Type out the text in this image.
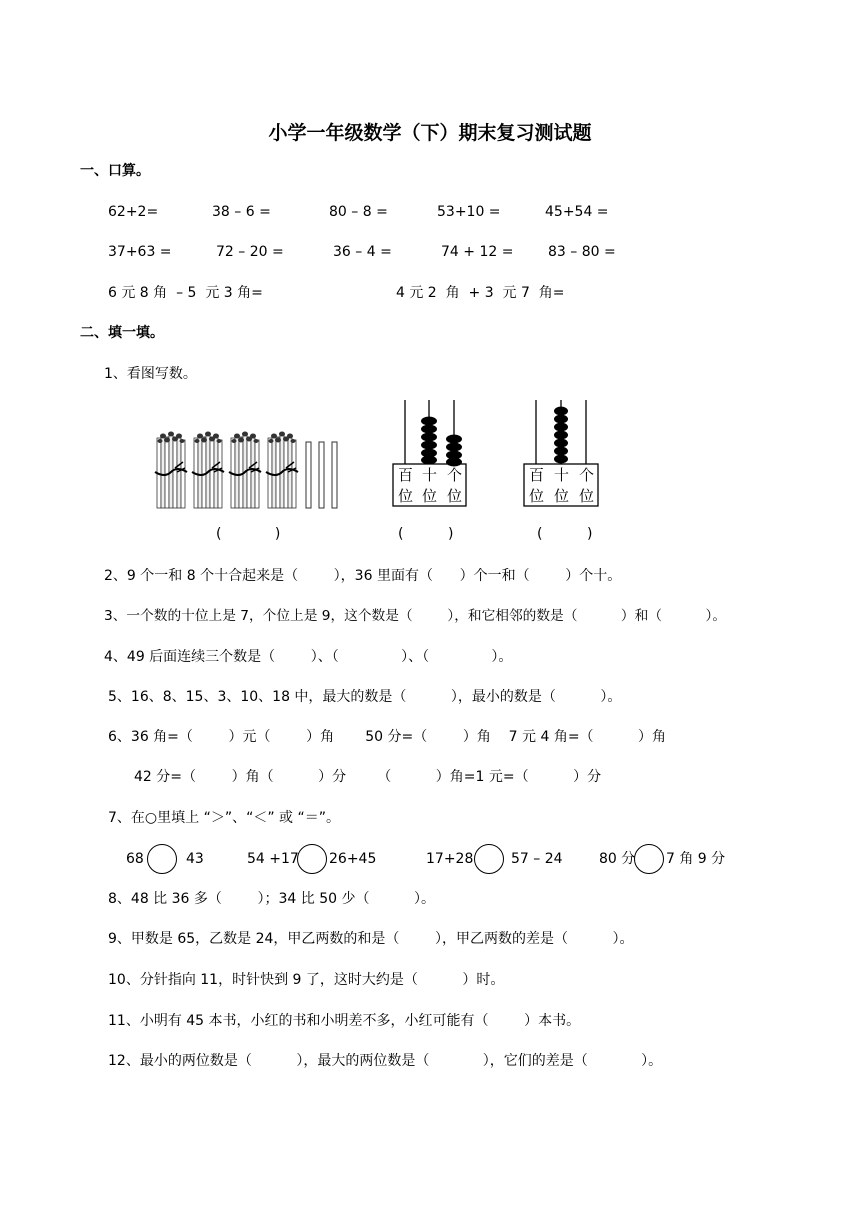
小学一年级数学（下）期末复习测试题
一、口算。
62+2=	38 – 6 =	80 – 8 =	53+10 =	45+54 =
37+63 =	72 – 20 =	36 – 4 =	74 + 12 = 83 – 80 =
6 元 8 角  – 5  元 3 角=	4 元 2  角  + 3  元 7  角=
二、填一填。
1、看图写数。
百 十 个
位 位 位
百 十 个
位 位 位
(            )	(          )	(          )
2、9 个一和 8 个十合起来是（        ），36 里面有（      ）个一和（        ）个十。
3、一个数的十位上是 7，个位上是 9，这个数是（        ），和它相邻的数是（          ）和（          ）。
4、49 后面连续三个数是（        ）、（              ）、（              ）。
5、16、8、15、3、10、18 中，最大的数是（          ），最小的数是（          ）。
6、36 角=（        ）元（        ）角       50 分=（        ）角    7 元 4 角=（          ）角
42 分=（        ）角（          ）分       （          ）角=1 元=（          ）分
7、在○里填上 “＞”、“＜” 或 “＝”。
68	43	54 +17 26+45	17+28	57 – 24	80 分 7 角 9 分
8、48 比 36 多（        ）；34 比 50 少（          ）。
9、甲数是 65，乙数是 24，甲乙两数的和是（        ），甲乙两数的差是（          ）。
10、分针指向 11，时针快到 9 了，这时大约是（          ）时。
11、小明有 45 本书，小红的书和小明差不多，小红可能有（        ）本书。
12、最小的两位数是（          ），最大的两位数是（            ），它们的差是（            ）。
